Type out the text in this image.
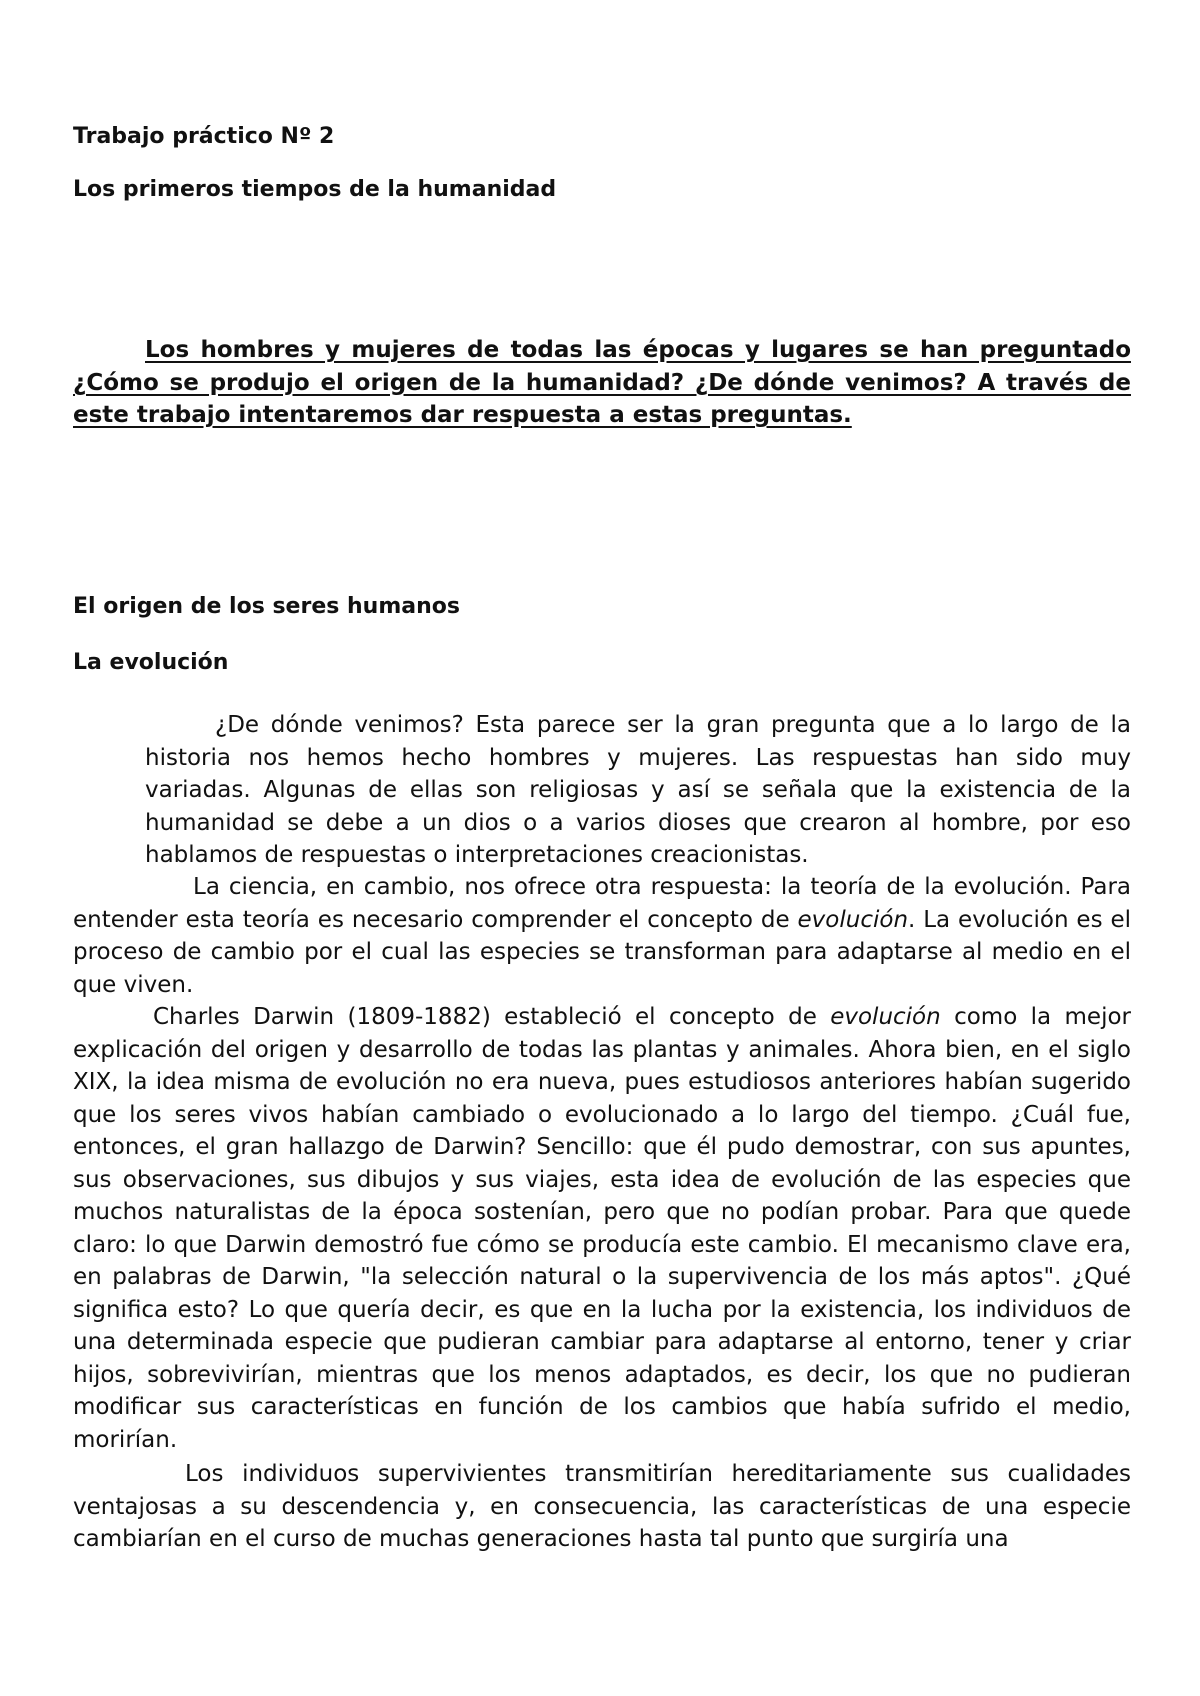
Trabajo práctico Nº 2
Los primeros tiempos de la humanidad
Los hombres y mujeres de todas las épocas y lugares se han preguntado ¿Cómo se produjo el origen de la humanidad? ¿De dónde venimos? A través de este trabajo intentaremos dar respuesta a estas preguntas.
El origen de los seres humanos
La evolución
¿De dónde venimos? Esta parece ser la gran pregunta que a lo largo de la historia nos hemos hecho hombres y mujeres. Las respuestas han sido muy variadas. Algunas de ellas son religiosas y así se señala que la existencia de la humanidad se debe a un dios o a varios dioses que crearon al hombre, por eso hablamos de respuestas o interpretaciones creacionistas.
La ciencia, en cambio, nos ofrece otra respuesta: la teoría de la evolución. Para entender esta teoría es necesario comprender el concepto de evolución. La evolución es el proceso de cambio por el cual las especies se transforman para adaptarse al medio en el que viven.
Charles Darwin (1809-1882) estableció el concepto de evolución como la mejor explicación del origen y desarrollo de todas las plantas y animales. Ahora bien, en el siglo XIX, la idea misma de evolución no era nueva, pues estudiosos anteriores habían sugerido que los seres vivos habían cambiado o evolucionado a lo largo del tiempo. ¿Cuál fue, entonces, el gran hallazgo de Darwin? Sencillo: que él pudo demostrar, con sus apuntes, sus observaciones, sus dibujos y sus viajes, esta idea de evolución de las especies que muchos naturalistas de la época sostenían, pero que no podían probar. Para que quede claro: lo que Darwin demostró fue cómo se producía este cambio. El mecanismo clave era, en palabras de Darwin, "la selección natural o la supervivencia de los más aptos". ¿Qué significa esto? Lo que quería decir, es que en la lucha por la existencia, los individuos de una determinada especie que pudieran cambiar para adaptarse al entorno, tener y criar hijos, sobrevivirían, mientras que los menos adaptados, es decir, los que no pudieran modificar sus características en función de los cambios que había sufrido el medio, morirían.
Los individuos supervivientes transmitirían hereditariamente sus cualidades ventajosas a su descendencia y, en consecuencia, las características de una especie cambiarían en el curso de muchas generaciones hasta tal punto que surgiría una
